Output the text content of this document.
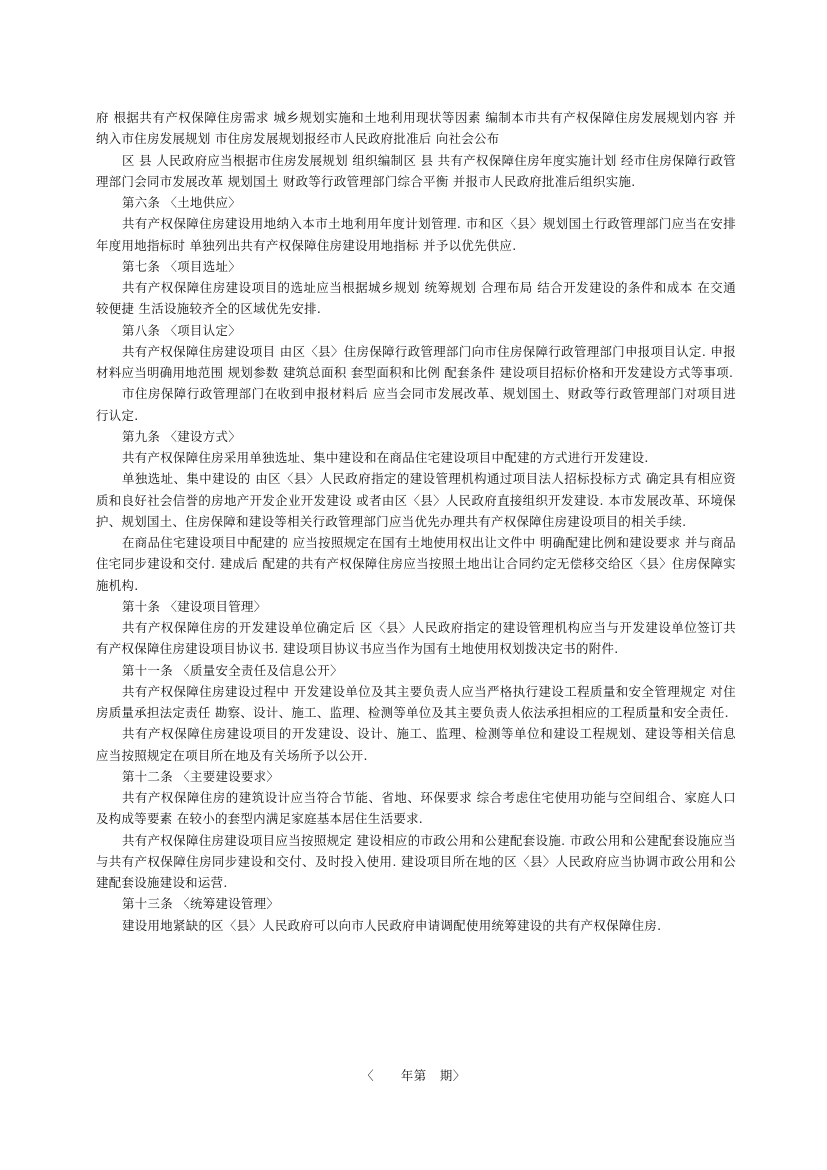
府 根据共有产权保障住房需求 城乡规划实施和土地利用现状等因素 编制本市共有产权保障住房发展规划内容 并纳入市住房发展规划 市住房发展规划报经市人民政府批准后 向社会公布

区 县 人民政府应当根据市住房发展规划 组织编制区 县 共有产权保障住房年度实施计划 经市住房保障行政管理部门会同市发展改革 规划国土 财政等行政管理部门综合平衡 并报市人民政府批准后组织实施.

第六条 〈土地供应〉

共有产权保障住房建设用地纳入本市土地利用年度计划管理. 市和区〈县〉规划国土行政管理部门应当在安排年度用地指标时 单独列出共有产权保障住房建设用地指标 并予以优先供应.

第七条 〈项目选址〉

共有产权保障住房建设项目的选址应当根据城乡规划 统筹规划 合理布局 结合开发建设的条件和成本 在交通较便捷 生活设施较齐全的区域优先安排.

第八条 〈项目认定〉

共有产权保障住房建设项目 由区〈县〉住房保障行政管理部门向市住房保障行政管理部门申报项目认定. 申报材料应当明确用地范围 规划参数 建筑总面积 套型面积和比例 配套条件 建设项目招标价格和开发建设方式等事项.

市住房保障行政管理部门在收到申报材料后 应当会同市发展改革、规划国土、财政等行政管理部门对项目进行认定.

第九条 〈建设方式〉

共有产权保障住房采用单独选址、集中建设和在商品住宅建设项目中配建的方式进行开发建设.

单独选址、集中建设的 由区〈县〉人民政府指定的建设管理机构通过项目法人招标投标方式 确定具有相应资质和良好社会信誉的房地产开发企业开发建设 或者由区〈县〉人民政府直接组织开发建设. 本市发展改革、环境保护、规划国土、住房保障和建设等相关行政管理部门应当优先办理共有产权保障住房建设项目的相关手续.

在商品住宅建设项目中配建的 应当按照规定在国有土地使用权出让文件中 明确配建比例和建设要求 并与商品住宅同步建设和交付. 建成后 配建的共有产权保障住房应当按照土地出让合同约定无偿移交给区〈县〉住房保障实施机构.

第十条 〈建设项目管理〉

共有产权保障住房的开发建设单位确定后 区〈县〉人民政府指定的建设管理机构应当与开发建设单位签订共有产权保障住房建设项目协议书. 建设项目协议书应当作为国有土地使用权划拨决定书的附件.

第十一条 〈质量安全责任及信息公开〉

共有产权保障住房建设过程中 开发建设单位及其主要负责人应当严格执行建设工程质量和安全管理规定 对住房质量承担法定责任 勘察、设计、施工、监理、检测等单位及其主要负责人依法承担相应的工程质量和安全责任.

共有产权保障住房建设项目的开发建设、设计、施工、监理、检测等单位和建设工程规划、建设等相关信息 应当按照规定在项目所在地及有关场所予以公开.

第十二条 〈主要建设要求〉

共有产权保障住房的建筑设计应当符合节能、省地、环保要求 综合考虑住宅使用功能与空间组合、家庭人口及构成等要素 在较小的套型内满足家庭基本居住生活要求.

共有产权保障住房建设项目应当按照规定 建设相应的市政公用和公建配套设施. 市政公用和公建配套设施应当与共有产权保障住房同步建设和交付、及时投入使用. 建设项目所在地的区〈县〉人民政府应当协调市政公用和公建配套设施建设和运营.

第十三条 〈统筹建设管理〉

建设用地紧缺的区〈县〉人民政府可以向市人民政府申请调配使用统筹建设的共有产权保障住房.

〈      年第   期〉
